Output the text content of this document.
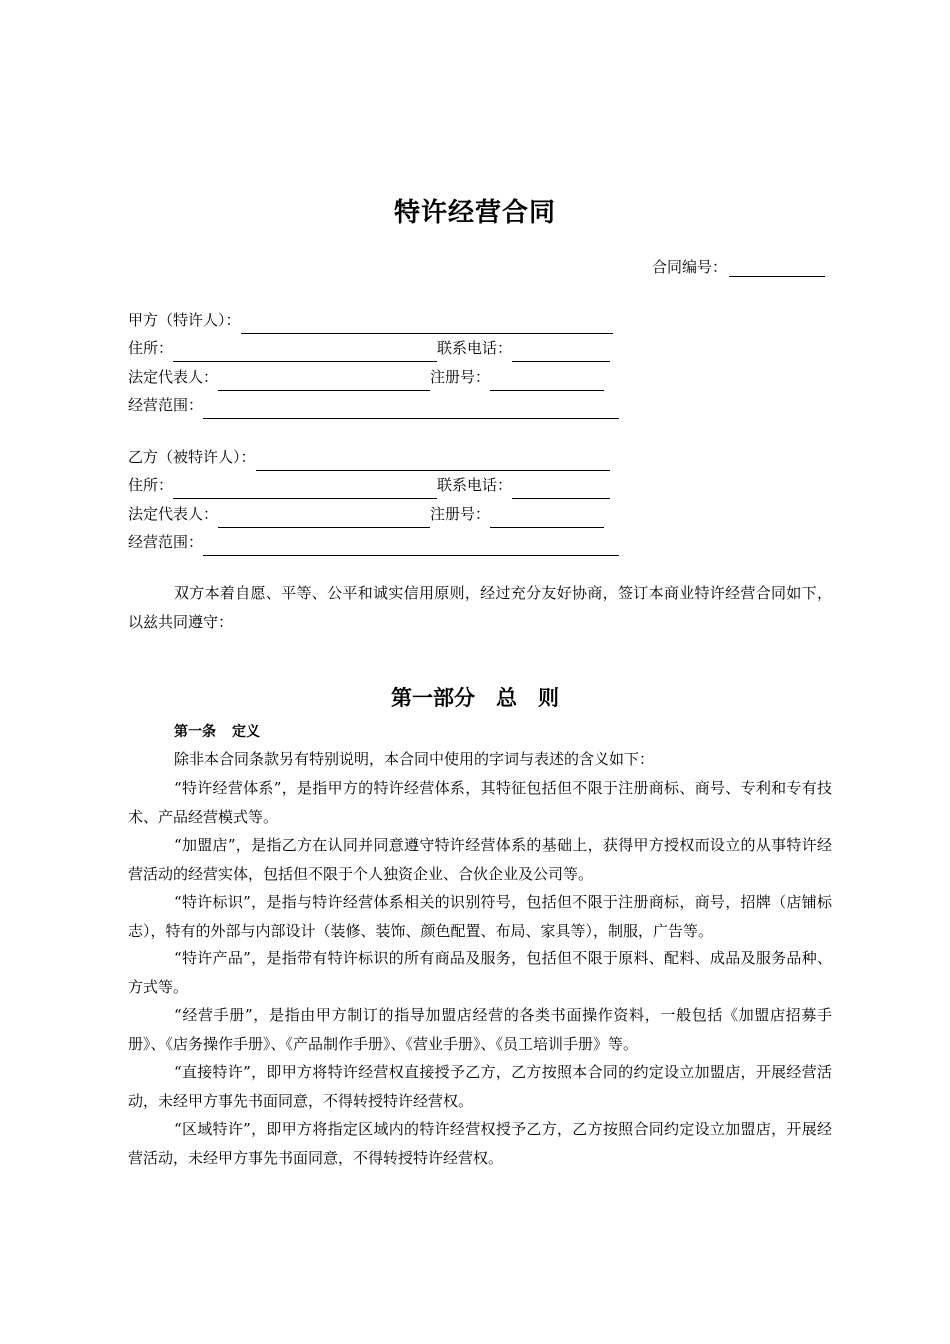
特许经营合同
合同编号：
甲方（特许人）：
住所：	联系电话：
法定代表人：	注册号：
经营范围：
乙方（被特许人）：
住所：	联系电话：
法定代表人：	注册号：
经营范围：

双方本着自愿、平等、公平和诚实信用原则，经过充分友好协商，签订本商业特许经营合同如下，以兹共同遵守：

第一部分　总　则
第一条 定义

除非本合同条款另有特别说明，本合同中使用的字词与表述的含义如下：

“特许经营体系”，是指甲方的特许经营体系，其特征包括但不限于注册商标、商号、专利和专有技术、产品经营模式等。

“加盟店”，是指乙方在认同并同意遵守特许经营体系的基础上，获得甲方授权而设立的从事特许经营活动的经营实体，包括但不限于个人独资企业、合伙企业及公司等。

“特许标识”，是指与特许经营体系相关的识别符号，包括但不限于注册商标，商号，招牌（店铺标志），特有的外部与内部设计（装修、装饰、颜色配置、布局、家具等），制服，广告等。

“特许产品”，是指带有特许标识的所有商品及服务，包括但不限于原料、配料、成品及服务品种、方式等。

“经营手册”，是指由甲方制订的指导加盟店经营的各类书面操作资料，一般包括《加盟店招募手册》、《店务操作手册》、《产品制作手册》、《营业手册》、《员工培训手册》等。

“直接特许”，即甲方将特许经营权直接授予乙方，乙方按照本合同的约定设立加盟店，开展经营活动，未经甲方事先书面同意，不得转授特许经营权。

“区域特许”，即甲方将指定区域内的特许经营权授予乙方，乙方按照合同约定设立加盟店，开展经营活动，未经甲方事先书面同意，不得转授特许经营权。
